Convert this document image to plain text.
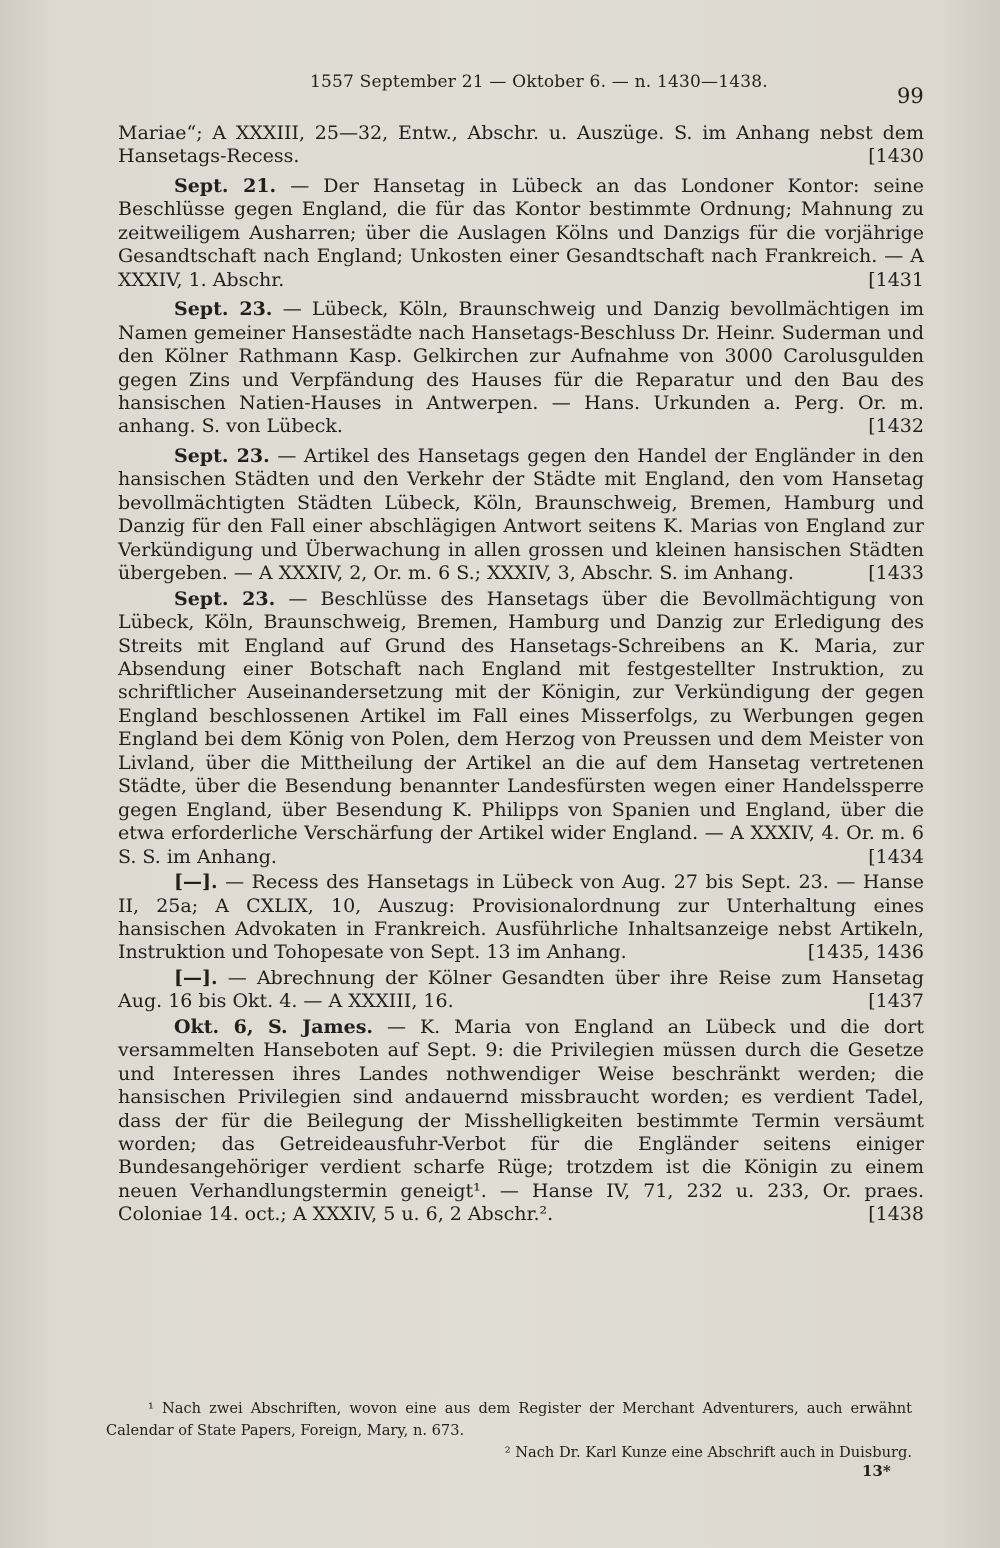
1557 September 21 — Oktober 6. — n. 1430—1438.
99

Mariae“; A XXXIII, 25—32, Entw., Abschr. u. Auszüge. S. im Anhang nebst dem Hansetags-Recess.	[1430

Sept. 21. — Der Hansetag in Lübeck an das Londoner Kontor: seine Beschlüsse gegen England, die für das Kontor bestimmte Ordnung; Mahnung zu zeitweiligem Ausharren; über die Auslagen Kölns und Danzigs für die vorjährige Gesandtschaft nach England; Unkosten einer Gesandtschaft nach Frankreich. — A XXXIV, 1. Abschr.	[1431

Sept. 23. — Lübeck, Köln, Braunschweig und Danzig bevollmächtigen im Namen gemeiner Hansestädte nach Hansetags-Beschluss Dr. Heinr. Suderman und den Kölner Rathmann Kasp. Gelkirchen zur Aufnahme von 3000 Carolusgulden gegen Zins und Verpfändung des Hauses für die Reparatur und den Bau des hansischen Natien-Hauses in Antwerpen. — Hans. Urkunden a. Perg. Or. m. anhang. S. von Lübeck.	[1432

Sept. 23. — Artikel des Hansetags gegen den Handel der Engländer in den hansischen Städten und den Verkehr der Städte mit England, den vom Hansetag bevollmächtigten Städten Lübeck, Köln, Braunschweig, Bremen, Hamburg und Danzig für den Fall einer abschlägigen Antwort seitens K. Marias von England zur Verkündigung und Überwachung in allen grossen und kleinen hansischen Städten übergeben. — A XXXIV, 2, Or. m. 6 S.; XXXIV, 3, Abschr. S. im Anhang.	[1433

Sept. 23. — Beschlüsse des Hansetags über die Bevollmächtigung von Lübeck, Köln, Braunschweig, Bremen, Hamburg und Danzig zur Erledigung des Streits mit England auf Grund des Hansetags-Schreibens an K. Maria, zur Absendung einer Botschaft nach England mit festgestellter Instruktion, zu schriftlicher Auseinandersetzung mit der Königin, zur Verkündigung der gegen England beschlossenen Artikel im Fall eines Misserfolgs, zu Werbungen gegen England bei dem König von Polen, dem Herzog von Preussen und dem Meister von Livland, über die Mittheilung der Artikel an die auf dem Hansetag vertretenen Städte, über die Besendung benannter Landesfürsten wegen einer Handelssperre gegen England, über Besendung K. Philipps von Spanien und England, über die etwa erforderliche Verschärfung der Artikel wider England. — A XXXIV, 4. Or. m. 6 S. S. im Anhang.	[1434

[—]. — Recess des Hansetags in Lübeck von Aug. 27 bis Sept. 23. — Hanse II, 25a; A CXLIX, 10, Auszug: Provisionalordnung zur Unterhaltung eines hansischen Advokaten in Frankreich. Ausführliche Inhaltsanzeige nebst Artikeln, Instruktion und Tohopesate von Sept. 13 im Anhang.	[1435, 1436

[—]. — Abrechnung der Kölner Gesandten über ihre Reise zum Hansetag Aug. 16 bis Okt. 4. — A XXXIII, 16.	[1437

Okt. 6, S. James. — K. Maria von England an Lübeck und die dort versammelten Hanseboten auf Sept. 9: die Privilegien müssen durch die Gesetze und Interessen ihres Landes nothwendiger Weise beschränkt werden; die hansischen Privilegien sind andauernd missbraucht worden; es verdient Tadel, dass der für die Beilegung der Misshelligkeiten bestimmte Termin versäumt worden; das Getreideausfuhr-Verbot für die Engländer seitens einiger Bundesangehöriger verdient scharfe Rüge; trotzdem ist die Königin zu einem neuen Verhandlungstermin geneigt¹. — Hanse IV, 71, 232 u. 233, Or. praes. Coloniae 14. oct.; A XXXIV, 5 u. 6, 2 Abschr.².	[1438

¹ Nach zwei Abschriften, wovon eine aus dem Register der Merchant Adventurers, auch erwähnt Calendar of State Papers, Foreign, Mary, n. 673.
² Nach Dr. Karl Kunze eine Abschrift auch in Duisburg.

13*
